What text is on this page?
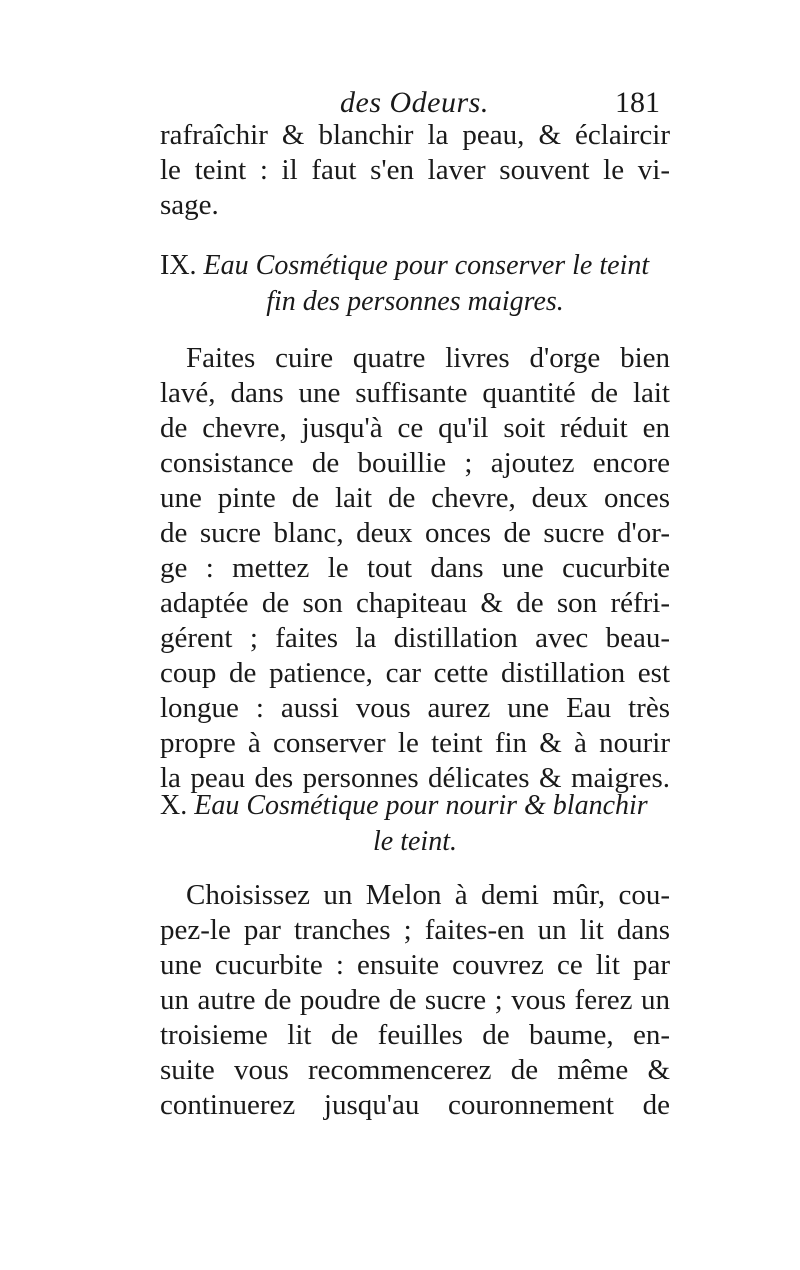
des Odeurs.	181
rafraîchir & blanchir la peau, & éclaircir
le teint : il faut s'en laver souvent le vi-
sage.
IX. Eau Cosmétique pour conserver le teint
fin des personnes maigres.
Faites cuire quatre livres d'orge bien
lavé, dans une suffisante quantité de lait
de chevre, jusqu'à ce qu'il soit réduit en
consistance de bouillie ; ajoutez encore
une pinte de lait de chevre, deux onces
de sucre blanc, deux onces de sucre d'or-
ge : mettez le tout dans une cucurbite
adaptée de son chapiteau & de son réfri-
gérent ; faites la distillation avec beau-
coup de patience, car cette distillation est
longue : aussi vous aurez une Eau très
propre à conserver le teint fin & à nourir
la peau des personnes délicates & maigres.
X. Eau Cosmétique pour nourir & blanchir
le teint.
Choisissez un Melon à demi mûr, cou-
pez-le par tranches ; faites-en un lit dans
une cucurbite : ensuite couvrez ce lit par
un autre de poudre de sucre ; vous ferez un
troisieme lit de feuilles de baume, en-
suite vous recommencerez de même &
continuerez jusqu'au couronnement de
